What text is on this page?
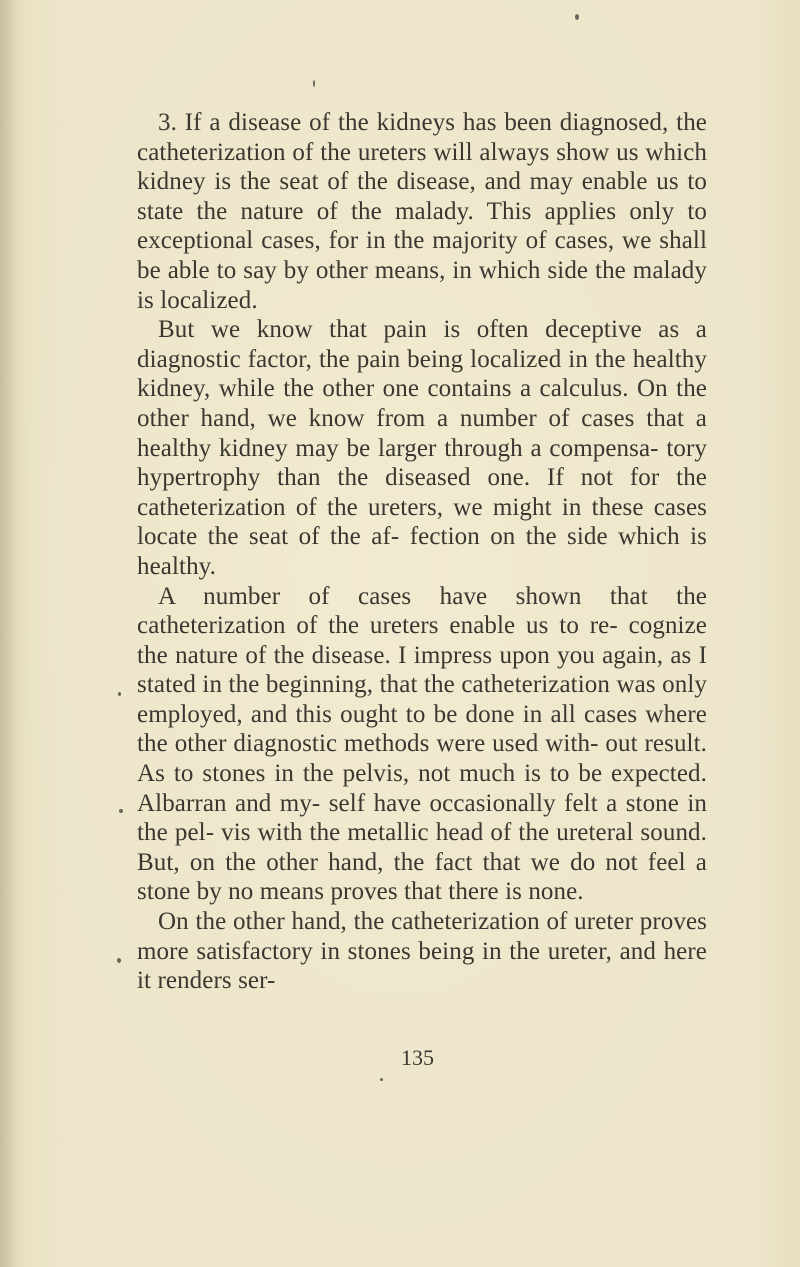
3. If a disease of the kidneys has been diagnosed, the catheterization of the ureters will always show us which kidney is the seat of the disease, and may enable us to state the nature of the malady. This applies only to exceptional cases, for in the majority of cases, we shall be able to say by other means, in which side the malady is localized.

But we know that pain is often deceptive as a diagnostic factor, the pain being localized in the healthy kidney, while the other one contains a calculus. On the other hand, we know from a number of cases that a healthy kidney may be larger through a compensa- tory hypertrophy than the diseased one. If not for the catheterization of the ureters, we might in these cases locate the seat of the af- fection on the side which is healthy.

A number of cases have shown that the catheterization of the ureters enable us to re- cognize the nature of the disease. I impress upon you again, as I stated in the beginning, that the catheterization was only employed, and this ought to be done in all cases where the other diagnostic methods were used with- out result. As to stones in the pelvis, not much is to be expected. Albarran and my- self have occasionally felt a stone in the pel- vis with the metallic head of the ureteral sound. But, on the other hand, the fact that we do not feel a stone by no means proves that there is none.

On the other hand, the catheterization of ureter proves more satisfactory in stones being in the ureter, and here it renders ser-

135
